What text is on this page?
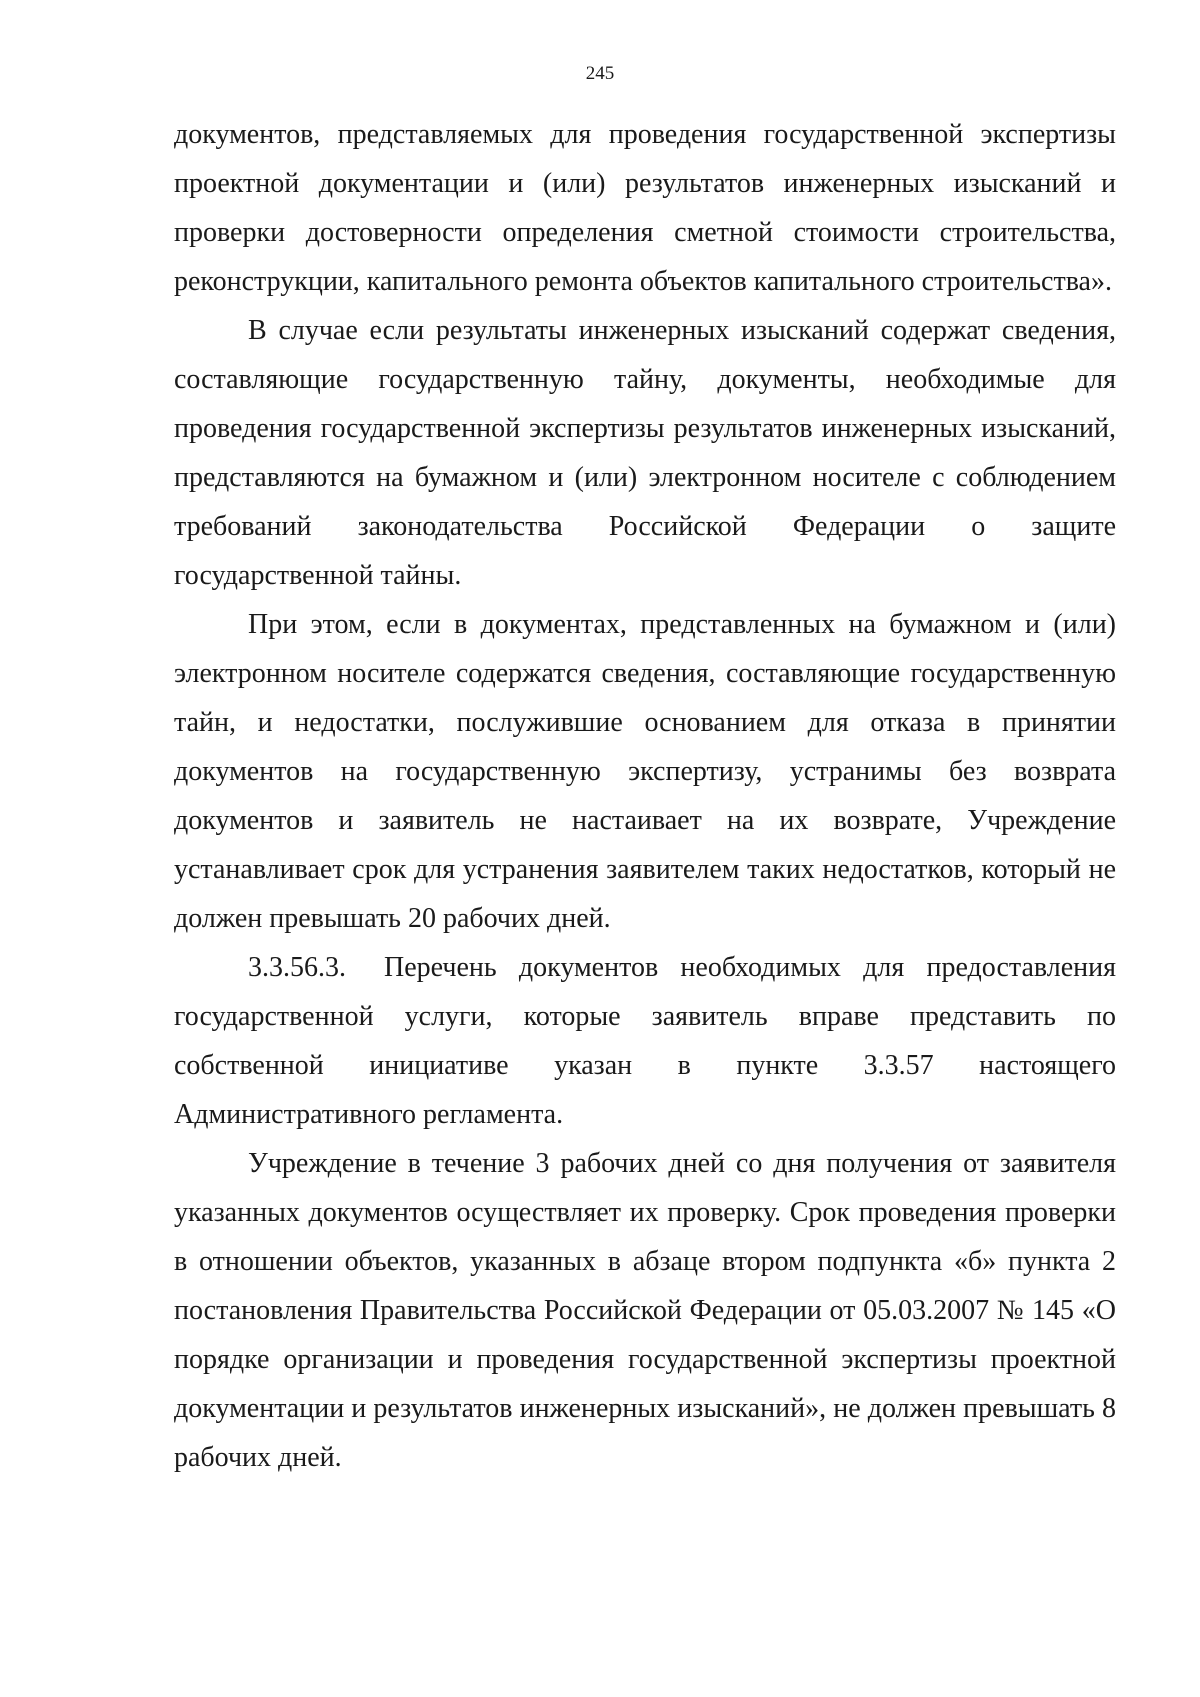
245

документов, представляемых для проведения государственной экспертизы проектной документации и (или) результатов инженерных изысканий и проверки достоверности определения сметной стоимости строительства, реконструкции, капитального ремонта объектов капитального строительства».

В случае если результаты инженерных изысканий содержат сведения, составляющие государственную тайну, документы, необходимые для проведения государственной экспертизы результатов инженерных изысканий, представляются на бумажном и (или) электронном носителе с соблюдением требований законодательства Российской Федерации о защите государственной тайны.

При этом, если в документах, представленных на бумажном и (или) электронном носителе содержатся сведения, составляющие государственную тайн, и недостатки, послужившие основанием для отказа в принятии документов на государственную экспертизу, устранимы без возврата документов и заявитель не настаивает на их возврате, Учреждение устанавливает срок для устранения заявителем таких недостатков, который не должен превышать 20 рабочих дней.

3.3.56.3. Перечень документов необходимых для предоставления государственной услуги, которые заявитель вправе представить по собственной инициативе указан в пункте 3.3.57 настоящего Административного регламента.

Учреждение в течение 3 рабочих дней со дня получения от заявителя указанных документов осуществляет их проверку. Срок проведения проверки в отношении объектов, указанных в абзаце втором подпункта «б» пункта 2 постановления Правительства Российской Федерации от 05.03.2007 № 145 «О порядке организации и проведения государственной экспертизы проектной документации и результатов инженерных изысканий», не должен превышать 8 рабочих дней.
